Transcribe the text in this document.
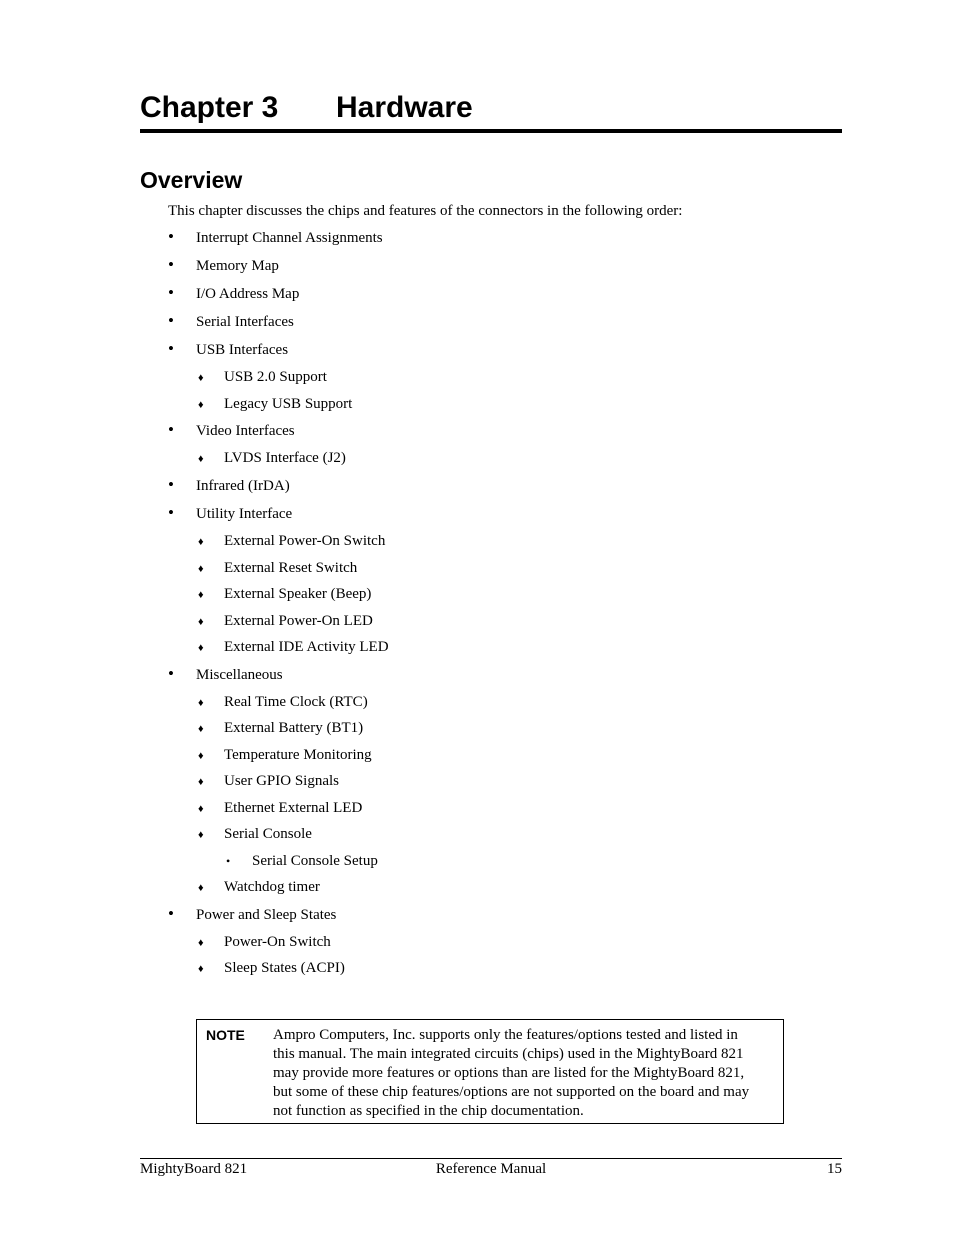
Chapter 3 Hardware
Overview

This chapter discusses the chips and features of the connectors in the following order:

• Interrupt Channel Assignments
• Memory Map
• I/O Address Map
• Serial Interfaces
• USB Interfaces
♦ USB 2.0 Support
♦ Legacy USB Support
• Video Interfaces
♦ LVDS Interface (J2)
• Infrared (IrDA)
• Utility Interface
♦ External Power-On Switch
♦ External Reset Switch
♦ External Speaker (Beep)
♦ External Power-On LED
♦ External IDE Activity LED
• Miscellaneous
♦ Real Time Clock (RTC)
♦ External Battery (BT1)
♦ Temperature Monitoring
♦ User GPIO Signals
♦ Ethernet External LED
♦ Serial Console
• Serial Console Setup
♦ Watchdog timer
• Power and Sleep States
♦ Power-On Switch
♦ Sleep States (ACPI)
NOTE Ampro Computers, Inc. supports only the features/options tested and listed in
this manual. The main integrated circuits (chips) used in the MightyBoard 821
may provide more features or options than are listed for the MightyBoard 821,
but some of these chip features/options are not supported on the board and may
not function as specified in the chip documentation.
MightyBoard 821	Reference Manual	15
